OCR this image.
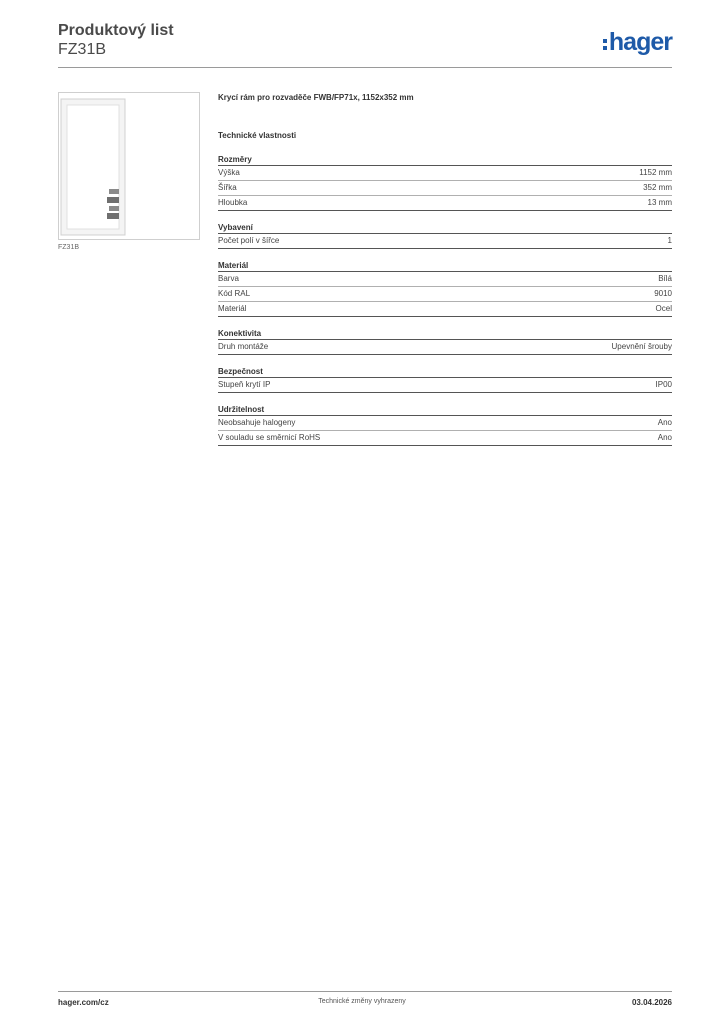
Produktový list
FZ31B	hager
FZ31B
Krycí rám pro rozvaděče FWB/FP71x, 1152x352 mm
Technické vlastnosti
Rozměry
Výška	1152 mm
Šířka	352 mm
Hloubka	13 mm
Vybavení
Počet polí v šířce	1
Materiál
Barva	Bílá
Kód RAL	9010
Materiál	Ocel
Konektivita
Druh montáže	Upevnění šrouby
Bezpečnost
Stupeň krytí IP	IP00
Udržitelnost
Neobsahuje halogeny	Ano
V souladu se směrnicí RoHS	Ano
hager.com/cz	Technické změny vyhrazeny	03.04.2026
